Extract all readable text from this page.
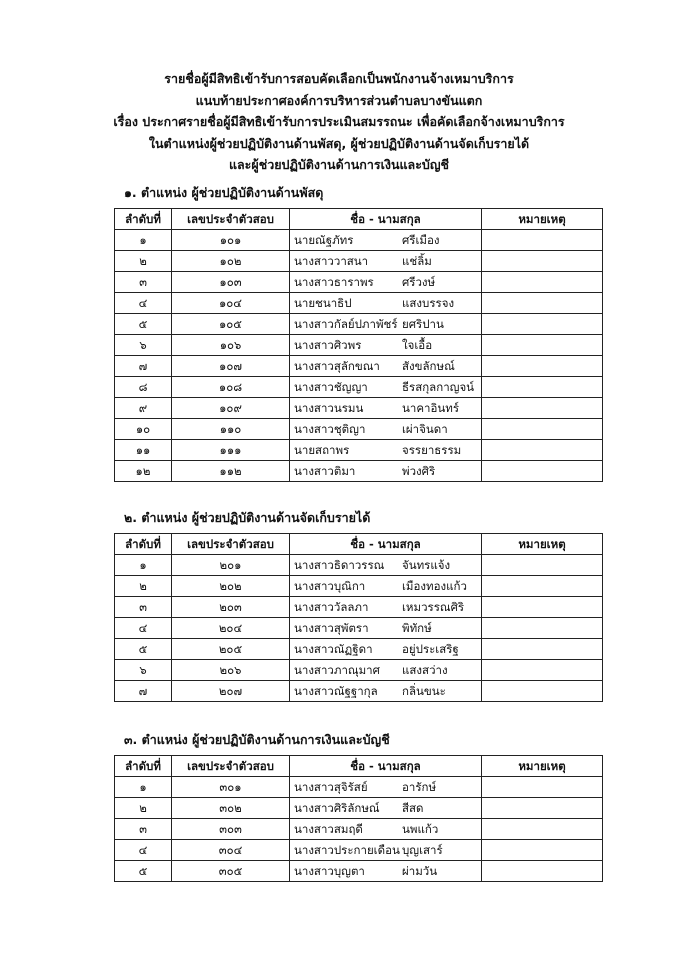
รายชื่อผู้มีสิทธิเข้ารับการสอบคัดเลือกเป็นพนักงานจ้างเหมาบริการ
แนบท้ายประกาศองค์การบริหารส่วนตำบลบางขันแตก
เรื่อง ประกาศรายชื่อผู้มีสิทธิเข้ารับการประเมินสมรรถนะ เพื่อคัดเลือกจ้างเหมาบริการ
ในตำแหน่งผู้ช่วยปฏิบัติงานด้านพัสดุ, ผู้ช่วยปฏิบัติงานด้านจัดเก็บรายได้
และผู้ช่วยปฏิบัติงานด้านการเงินและบัญชี
๑. ตำแหน่ง ผู้ช่วยปฏิบัติงานด้านพัสดุ
ลำดับที่	เลขประจำตัวสอบ	ชื่อ - นามสกุล	หมายเหตุ
๑	๑๐๑	นายณัฐภัทร ศรีเมือง	

๒	๑๐๒	นางสาววาสนา แช่ลิ้ม	

๓	๑๐๓	นางสาวธาราพร ศรีวงษ์	

๔	๑๐๔	นายชนาธิป แสงบรรจง	

๕	๑๐๕	นางสาวกัลย์ปภาพัชร์ ยศริปาน	

๖	๑๐๖	นางสาวศิวพร ใจเอื้อ	

๗	๑๐๗	นางสาวสุลักขณา สังขลักษณ์	

๘	๑๐๘	นางสาวชัญญา ธีรสกุลกาญจน์	

๙	๑๐๙	นางสาวนรมน นาคาอินทร์	

๑๐	๑๑๐	นางสาวชุติญา เผ่าจินดา	

๑๑	๑๑๑	นายสถาพร จรรยาธรรม	

๑๒	๑๑๒	นางสาวติมา พ่วงศิริ	

๒. ตำแหน่ง ผู้ช่วยปฏิบัติงานด้านจัดเก็บรายได้
ลำดับที่	เลขประจำตัวสอบ	ชื่อ - นามสกุล	หมายเหตุ
๑	๒๐๑	นางสาวธิดาวรรณ จันทรแจ้ง	

๒	๒๐๒	นางสาวบุณิกา เมืองทองแก้ว	

๓	๒๐๓	นางสาววัลลภา เหมวรรณศิริ	

๔	๒๐๔	นางสาวสุพัตรา พิทักษ์	

๕	๒๐๕	นางสาวณัฏฐิดา อยู่ประเสริฐ	

๖	๒๐๖	นางสาวภาณุมาศ แสงสว่าง	

๗	๒๐๗	นางสาวณัฐฐากุล กลิ่นขนะ	

๓. ตำแหน่ง ผู้ช่วยปฏิบัติงานด้านการเงินและบัญชี
ลำดับที่	เลขประจำตัวสอบ	ชื่อ - นามสกุล	หมายเหตุ
๑	๓๐๑	นางสาวสุจิรัสย์ อารักษ์	

๒	๓๐๒	นางสาวศิริลักษณ์ สีสด	

๓	๓๐๓	นางสาวสมฤดี นพแก้ว	

๔	๓๐๔	นางสาวประกายเดือน บุญเสาร์	

๕	๓๐๕	นางสาวบุญตา ผ่ามวัน	
